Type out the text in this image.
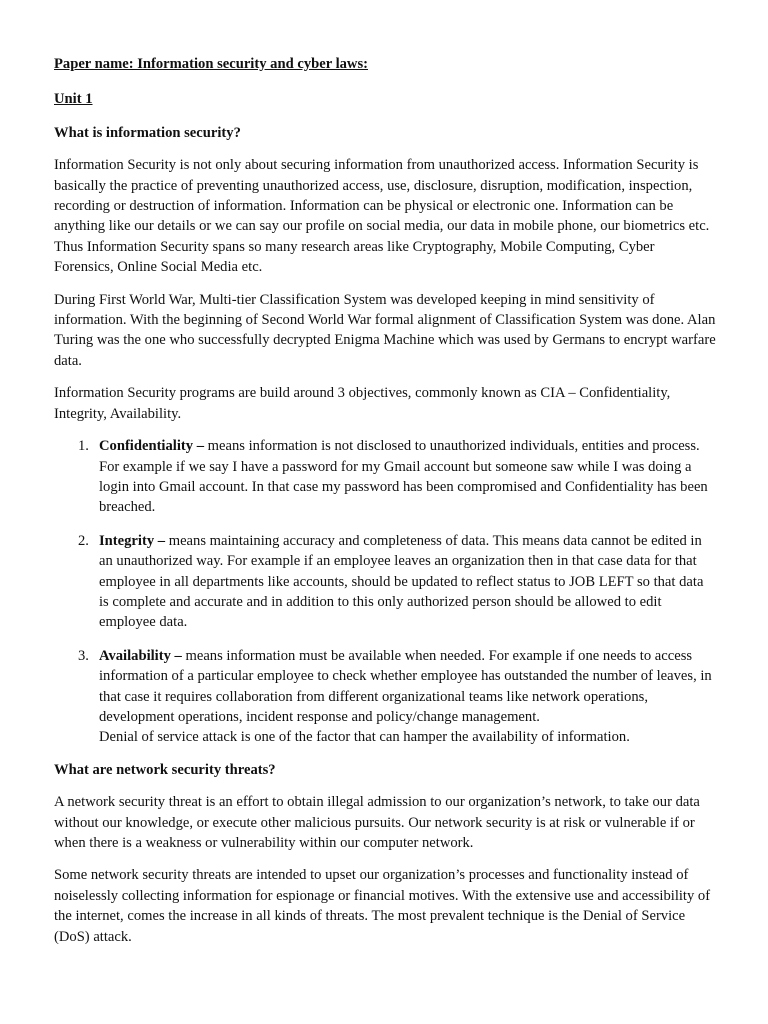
Paper name: Information security and cyber laws:
Unit 1
What is information security?

Information Security is not only about securing information from unauthorized access. Information Security is basically the practice of preventing unauthorized access, use, disclosure, disruption, modification, inspection, recording or destruction of information. Information can be physical or electronic one. Information can be anything like our details or we can say our profile on social media, our data in mobile phone, our biometrics etc. Thus Information Security spans so many research areas like Cryptography, Mobile Computing, Cyber Forensics, Online Social Media etc.

During First World War, Multi-tier Classification System was developed keeping in mind sensitivity of information. With the beginning of Second World War formal alignment of Classification System was done. Alan Turing was the one who successfully decrypted Enigma Machine which was used by Germans to encrypt warfare data.

Information Security programs are build around 3 objectives, commonly known as CIA – Confidentiality, Integrity, Availability.

1. Confidentiality – means information is not disclosed to unauthorized individuals, entities and process. For example if we say I have a password for my Gmail account but someone saw while I was doing a login into Gmail account. In that case my password has been compromised and Confidentiality has been breached.
2. Integrity – means maintaining accuracy and completeness of data. This means data cannot be edited in an unauthorized way. For example if an employee leaves an organization then in that case data for that employee in all departments like accounts, should be updated to reflect status to JOB LEFT so that data is complete and accurate and in addition to this only authorized person should be allowed to edit employee data.
3. Availability – means information must be available when needed. For example if one needs to access information of a particular employee to check whether employee has outstanded the number of leaves, in that case it requires collaboration from different organizational teams like network operations, development operations, incident response and policy/change management.
Denial of service attack is one of the factor that can hamper the availability of information.
What are network security threats?

A network security threat is an effort to obtain illegal admission to our organization’s network, to take our data without our knowledge, or execute other malicious pursuits. Our network security is at risk or vulnerable if or when there is a weakness or vulnerability within our computer network.

Some network security threats are intended to upset our organization’s processes and functionality instead of noiselessly collecting information for espionage or financial motives. With the extensive use and accessibility of the internet, comes the increase in all kinds of threats. The most prevalent technique is the Denial of Service (DoS) attack.
